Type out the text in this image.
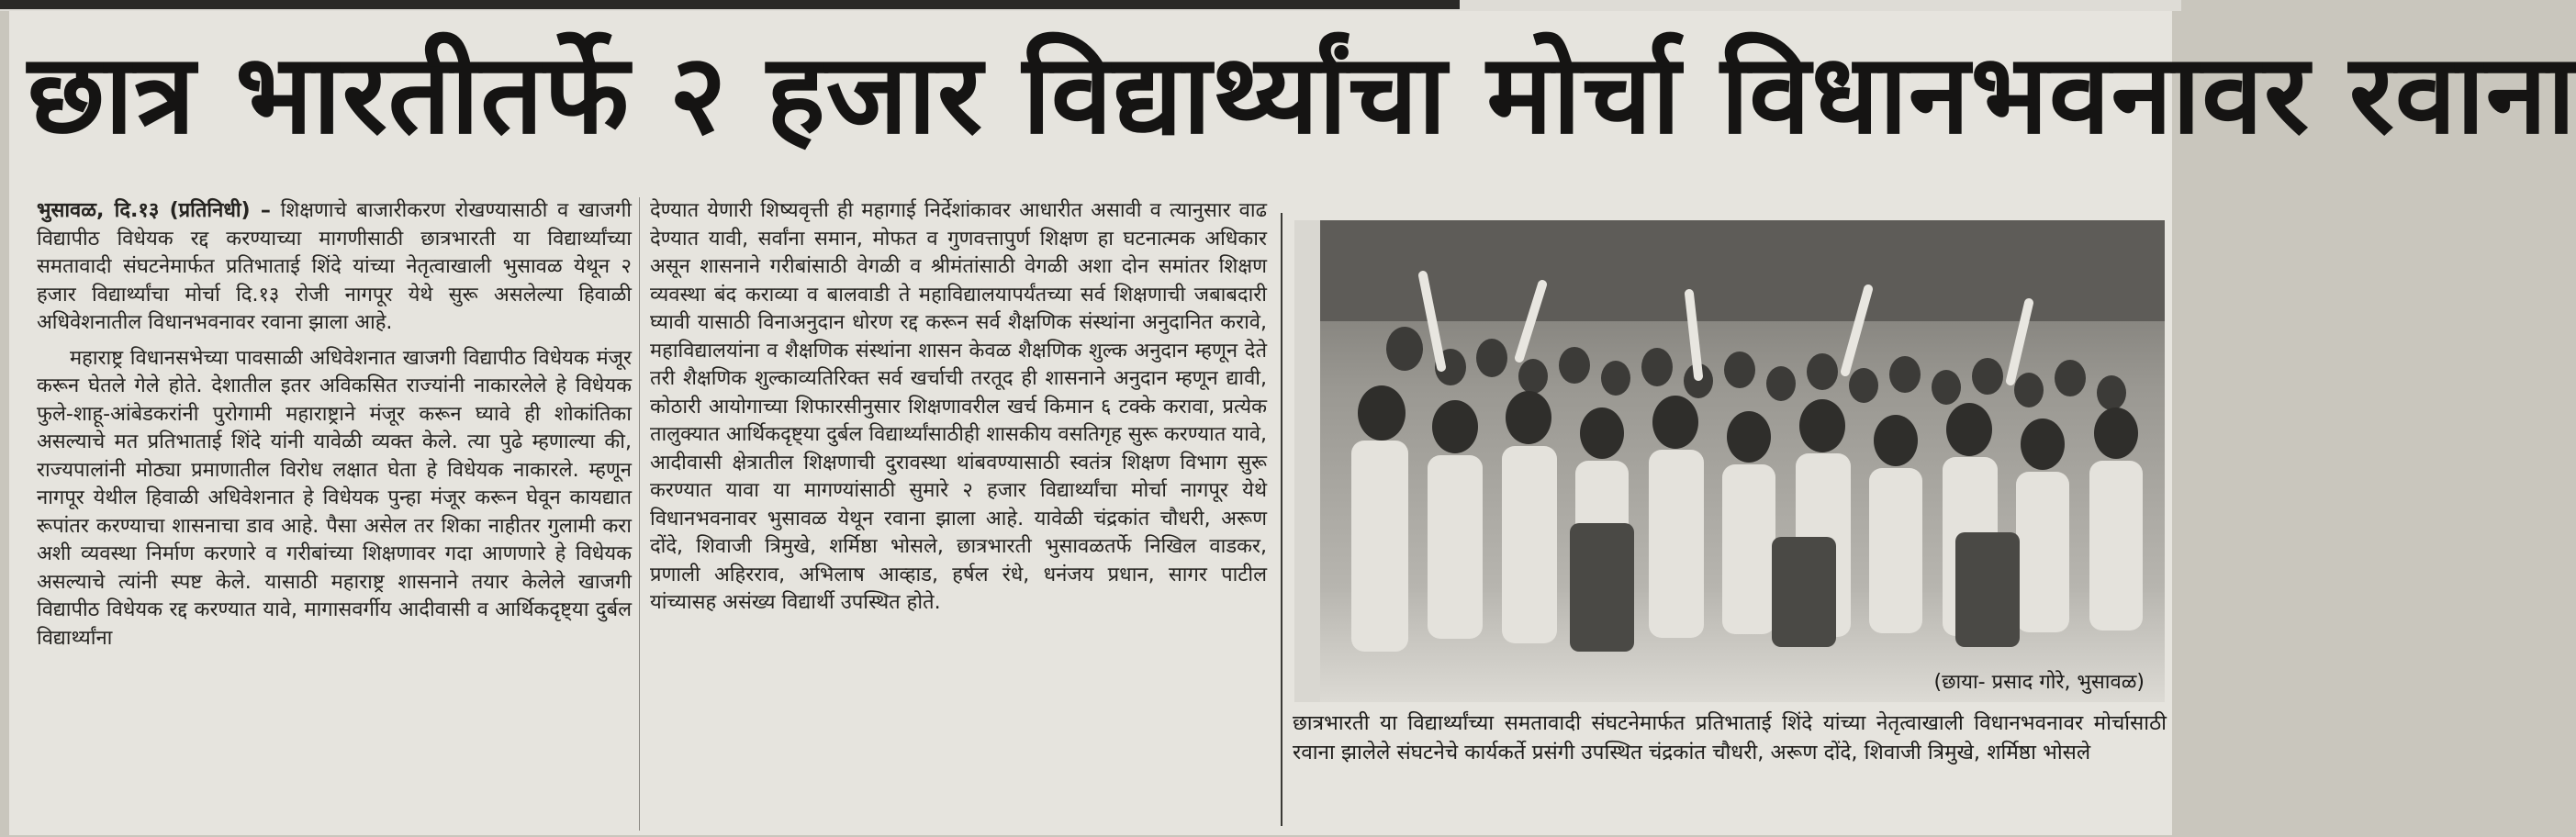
छात्र भारतीतर्फे २ हजार विद्यार्थ्यांचा मोर्चा विधानभवनावर रवाना

भुसावळ, दि.१३ (प्रतिनिधी) – शिक्षणाचे बाजारीकरण रोखण्यासाठी व खाजगी विद्यापीठ विधेयक रद्द करण्याच्या मागणीसाठी छात्रभारती या विद्यार्थ्यांच्या समतावादी संघटनेमार्फत प्रतिभाताई शिंदे यांच्या नेतृत्वाखाली भुसावळ येथून २ हजार विद्यार्थ्यांचा मोर्चा दि.१३ रोजी नागपूर येथे सुरू असलेल्या हिवाळी अधिवेशनातील विधानभवनावर रवाना झाला आहे.

महाराष्ट्र विधानसभेच्या पावसाळी अधिवेशनात खाजगी विद्यापीठ विधेयक मंजूर करून घेतले गेले होते. देशातील इतर अविकसित राज्यांनी नाकारलेले हे विधेयक फुले-शाहू-आंबेडकरांनी पुरोगामी महाराष्ट्राने मंजूर करून घ्यावे ही शोकांतिका असल्याचे मत प्रतिभाताई शिंदे यांनी यावेळी व्यक्त केले. त्या पुढे म्हणाल्या की, राज्यपालांनी मोठ्या प्रमाणातील विरोध लक्षात घेता हे विधेयक नाकारले. म्हणून नागपूर येथील हिवाळी अधिवेशनात हे विधेयक पुन्हा मंजूर करून घेवून कायद्यात रूपांतर करण्याचा शासनाचा डाव आहे. पैसा असेल तर शिका नाहीतर गुलामी करा अशी व्यवस्था निर्माण करणारे व गरीबांच्या शिक्षणावर गदा आणणारे हे विधेयक असल्याचे त्यांनी स्पष्ट केले. यासाठी महाराष्ट्र शासनाने तयार केलेले खाजगी विद्यापीठ विधेयक रद्द करण्यात यावे, मागासवर्गीय आदीवासी व आर्थिकदृष्ट्या दुर्बल विद्यार्थ्यांना

देण्यात येणारी शिष्यवृत्ती ही महागाई निर्देशांकावर आधारीत असावी व त्यानुसार वाढ देण्यात यावी, सर्वांना समान, मोफत व गुणवत्तापुर्ण शिक्षण हा घटनात्मक अधिकार असून शासनाने गरीबांसाठी वेगळी व श्रीमंतांसाठी वेगळी अशा दोन समांतर शिक्षण व्यवस्था बंद कराव्या व बालवाडी ते महाविद्यालयापर्यंतच्या सर्व शिक्षणाची जबाबदारी घ्यावी यासाठी विनाअनुदान धोरण रद्द करून सर्व शैक्षणिक संस्थांना अनुदानित करावे, महाविद्यालयांना व शैक्षणिक संस्थांना शासन केवळ शैक्षणिक शुल्क अनुदान म्हणून देते तरी शैक्षणिक शुल्काव्यतिरिक्त सर्व खर्चाची तरतूद ही शासनाने अनुदान म्हणून द्यावी, कोठारी आयोगाच्या शिफारसीनुसार शिक्षणावरील खर्च किमान ६ टक्के करावा, प्रत्येक तालुक्यात आर्थिकदृष्ट्या दुर्बल विद्यार्थ्यांसाठीही शासकीय वसतिगृह सुरू करण्यात यावे, आदीवासी क्षेत्रातील शिक्षणाची दुरावस्था थांबवण्यासाठी स्वतंत्र शिक्षण विभाग सुरू करण्यात यावा या मागण्यांसाठी सुमारे २ हजार विद्यार्थ्यांचा मोर्चा नागपूर येथे विधानभवनावर भुसावळ येथून रवाना झाला आहे. यावेळी चंद्रकांत चौधरी, अरूण दोंदे, शिवाजी त्रिमुखे, शर्मिष्ठा भोसले, छात्रभारती भुसावळतर्फे निखिल वाडकर, प्रणाली अहिरराव, अभिलाष आव्हाड, हर्षल रंधे, धनंजय प्रधान, सागर पाटील यांच्यासह असंख्य विद्यार्थी उपस्थित होते.

(छाया- प्रसाद गोरे, भुसावळ)

छात्रभारती या विद्यार्थ्यांच्या समतावादी संघटनेमार्फत प्रतिभाताई शिंदे यांच्या नेतृत्वाखाली विधानभवनावर मोर्चासाठी रवाना झालेले संघटनेचे कार्यकर्ते प्रसंगी उपस्थित चंद्रकांत चौधरी, अरूण दोंदे, शिवाजी त्रिमुखे, शर्मिष्ठा भोसले
